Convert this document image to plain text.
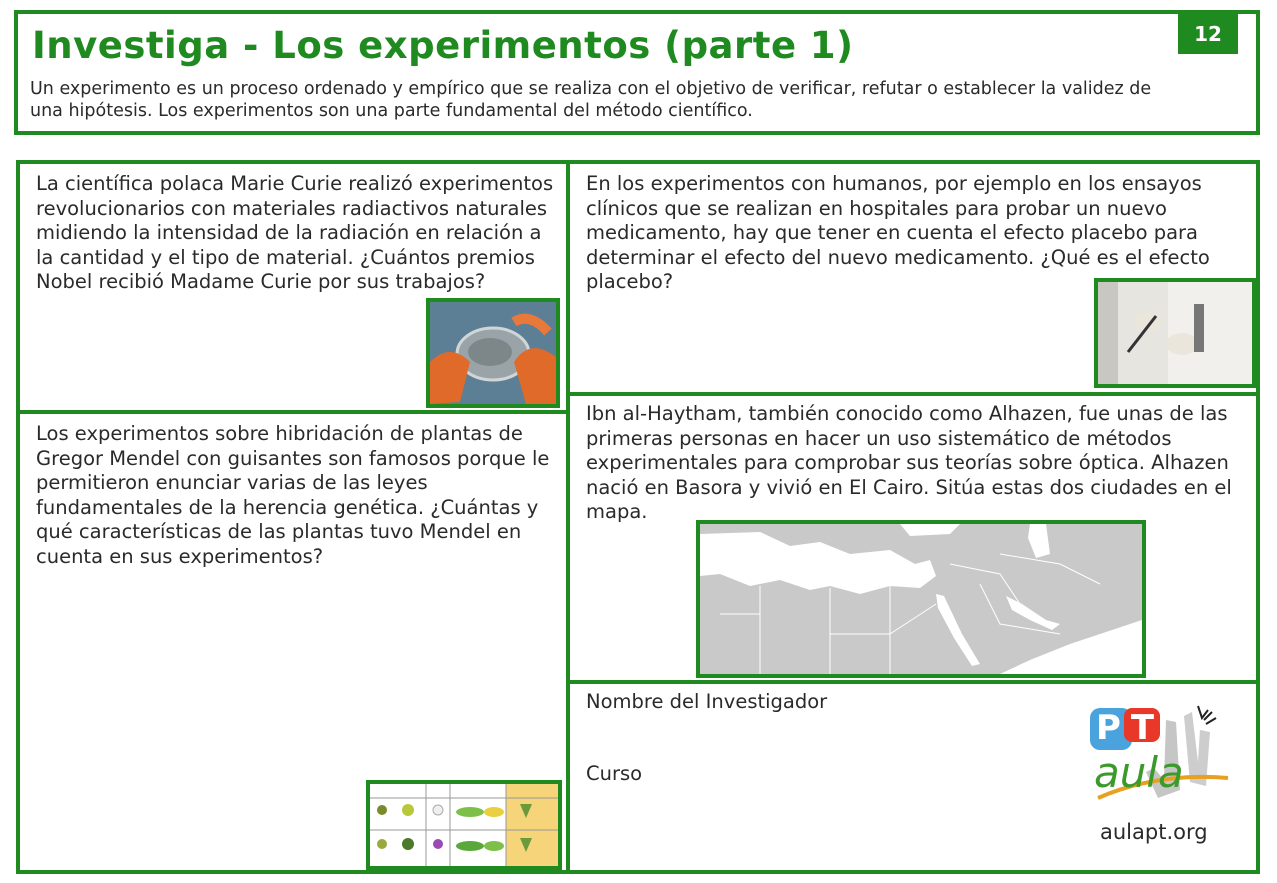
Investiga - Los experimentos (parte 1)	12

Un experimento es un proceso ordenado y empírico que se realiza con el objetivo de verificar, refutar o establecer la validez de una hipótesis. Los experimentos son una parte fundamental del método científico.

La científica polaca Marie Curie realizó experimentos revolucionarios con materiales radiactivos naturales midiendo la intensidad de la radiación en relación a la cantidad y el tipo de material. ¿Cuántos premios Nobel recibió Madame Curie por sus trabajos?

En los experimentos con humanos, por ejemplo en los ensayos clínicos que se realizan en hospitales para probar un nuevo medicamento, hay que tener en cuenta el efecto placebo para determinar el efecto del nuevo medicamento. ¿Qué es el efecto placebo?

Los experimentos sobre hibridación de plantas de Gregor Mendel con guisantes son famosos porque le permitieron enunciar varias de las leyes fundamentales de la herencia genética. ¿Cuántas y qué características de las plantas tuvo Mendel en cuenta en sus experimentos?

Ibn al-Haytham, también conocido como Alhazen, fue unas de las primeras personas en hacer un uso sistemático de métodos experimentales para comprobar sus teorías sobre óptica. Alhazen nació en Basora y vivió en El Cairo. Sitúa estas dos ciudades en el mapa.

Nombre del Investigador

Curso

PT
aula

aulapt.org
